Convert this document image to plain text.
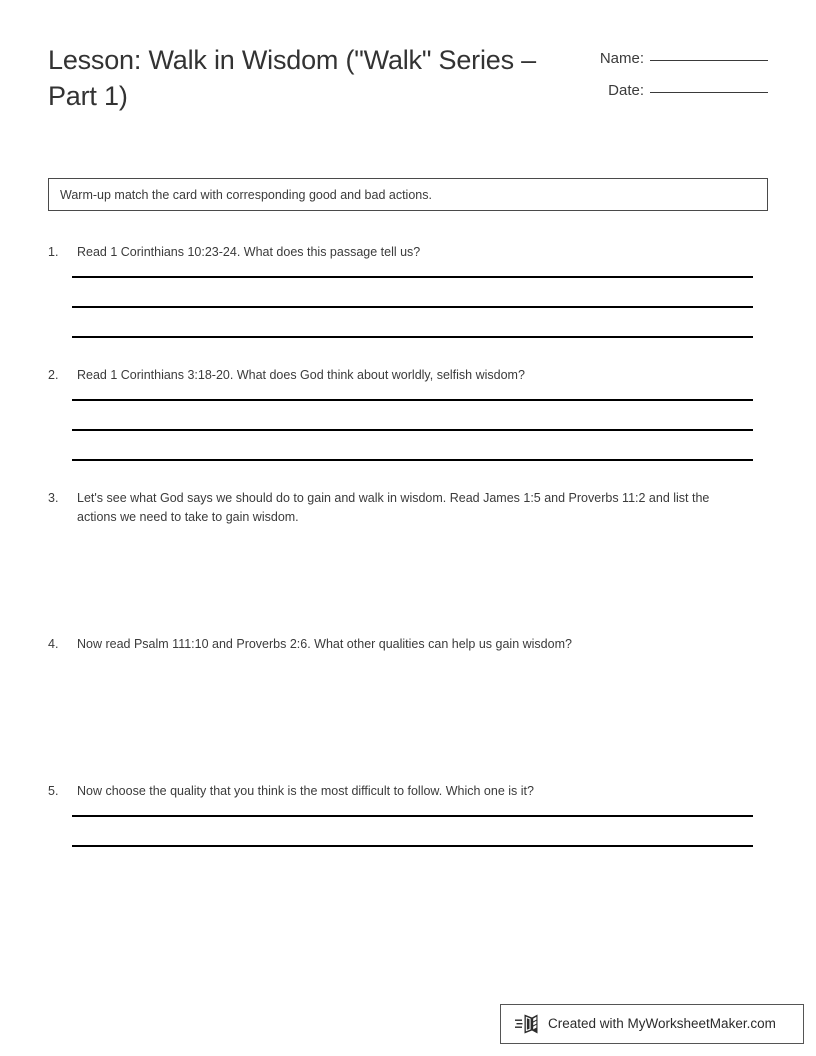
Lesson: Walk in Wisdom ("Walk" Series – Part 1)
Name:
Date:
Warm-up match the card with corresponding good and bad actions.
1.	Read 1 Corinthians 10:23-24. What does this passage tell us?
2.	Read 1 Corinthians 3:18-20. What does God think about worldly, selfish wisdom?
3.	Let's see what God says we should do to gain and walk in wisdom. Read James 1:5 and Proverbs 11:2 and list the actions we need to take to gain wisdom.
4.	Now read Psalm 111:10 and Proverbs 2:6. What other qualities can help us gain wisdom?
5.	Now choose the quality that you think is the most difficult to follow. Which one is it?
Created with MyWorksheetMaker.com
